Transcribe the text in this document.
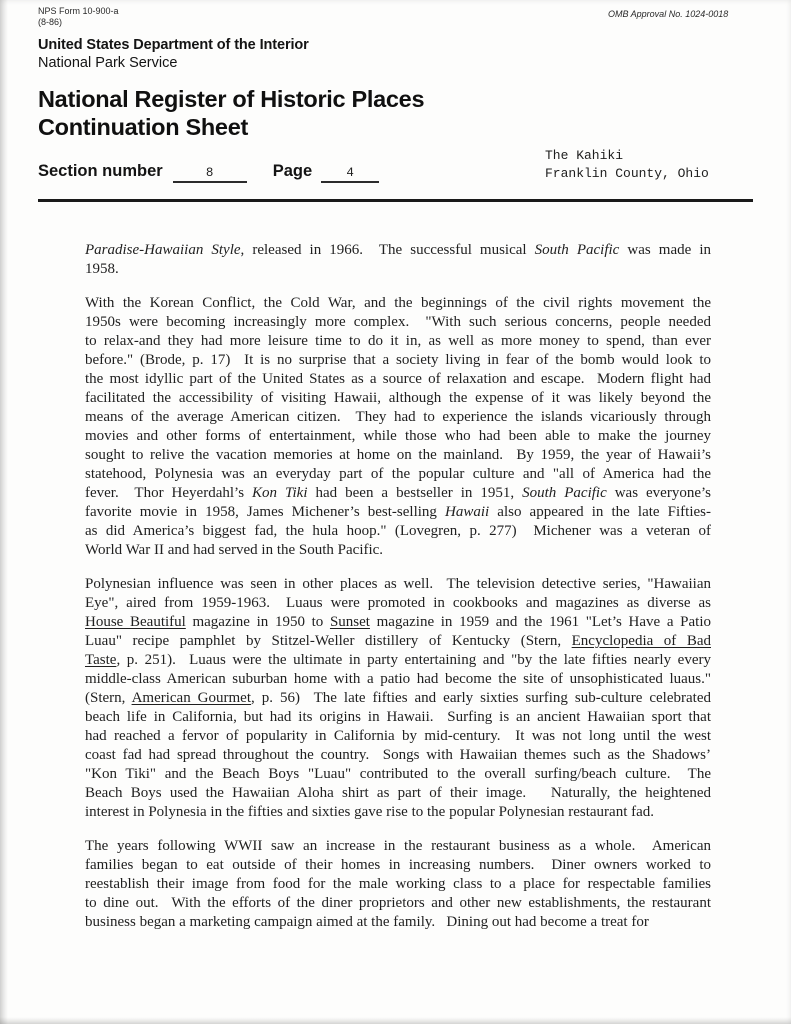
NPS Form 10-900-a
(8-86)
OMB Approval No. 1024-0018
United States Department of the Interior
National Park Service
National Register of Historic Places
Continuation Sheet
Section number	8	Page	4
The Kahiki
Franklin County, Ohio
Paradise-Hawaiian Style, released in 1966.  The successful musical South Pacific was made in
1958.
With the Korean Conflict, the Cold War, and the beginnings of the civil rights movement the
1950s were becoming increasingly more complex.  "With such serious concerns, people needed
to relax-and they had more leisure time to do it in, as well as more money to spend, than ever
before." (Brode, p. 17)  It is no surprise that a society living in fear of the bomb would look to
the most idyllic part of the United States as a source of relaxation and escape.  Modern flight had
facilitated the accessibility of visiting Hawaii, although the expense of it was likely beyond the
means of the average American citizen.  They had to experience the islands vicariously through
movies and other forms of entertainment, while those who had been able to make the journey
sought to relive the vacation memories at home on the mainland.  By 1959, the year of Hawaii’s
statehood, Polynesia was an everyday part of the popular culture and "all of America had the
fever.  Thor Heyerdahl’s Kon Tiki had been a bestseller in 1951, South Pacific was everyone’s
favorite movie in 1958, James Michener’s best-selling Hawaii also appeared in the late Fifties-
as did America’s biggest fad, the hula hoop." (Lovegren, p. 277)  Michener was a veteran of
World War II and had served in the South Pacific.
Polynesian influence was seen in other places as well.  The television detective series, "Hawaiian
Eye", aired from 1959-1963.  Luaus were promoted in cookbooks and magazines as diverse as
House Beautiful magazine in 1950 to Sunset magazine in 1959 and the 1961 "Let’s Have a Patio
Luau" recipe pamphlet by Stitzel-Weller distillery of Kentucky (Stern, Encyclopedia of Bad
Taste, p. 251).  Luaus were the ultimate in party entertaining and "by the late fifties nearly every
middle-class American suburban home with a patio had become the site of unsophisticated luaus."
(Stern, American Gourmet, p. 56)  The late fifties and early sixties surfing sub-culture celebrated
beach life in California, but had its origins in Hawaii.  Surfing is an ancient Hawaiian sport that
had reached a fervor of popularity in California by mid-century.  It was not long until the west
coast fad had spread throughout the country.  Songs with Hawaiian themes such as the Shadows’
"Kon Tiki" and the Beach Boys "Luau" contributed to the overall surfing/beach culture.  The
Beach Boys used the Hawaiian Aloha shirt as part of their image.   Naturally, the heightened
interest in Polynesia in the fifties and sixties gave rise to the popular Polynesian restaurant fad.
The years following WWII saw an increase in the restaurant business as a whole.  American
families began to eat outside of their homes in increasing numbers.  Diner owners worked to
reestablish their image from food for the male working class to a place for respectable families
to dine out.  With the efforts of the diner proprietors and other new establishments, the restaurant
business began a marketing campaign aimed at the family.   Dining out had become a treat for
